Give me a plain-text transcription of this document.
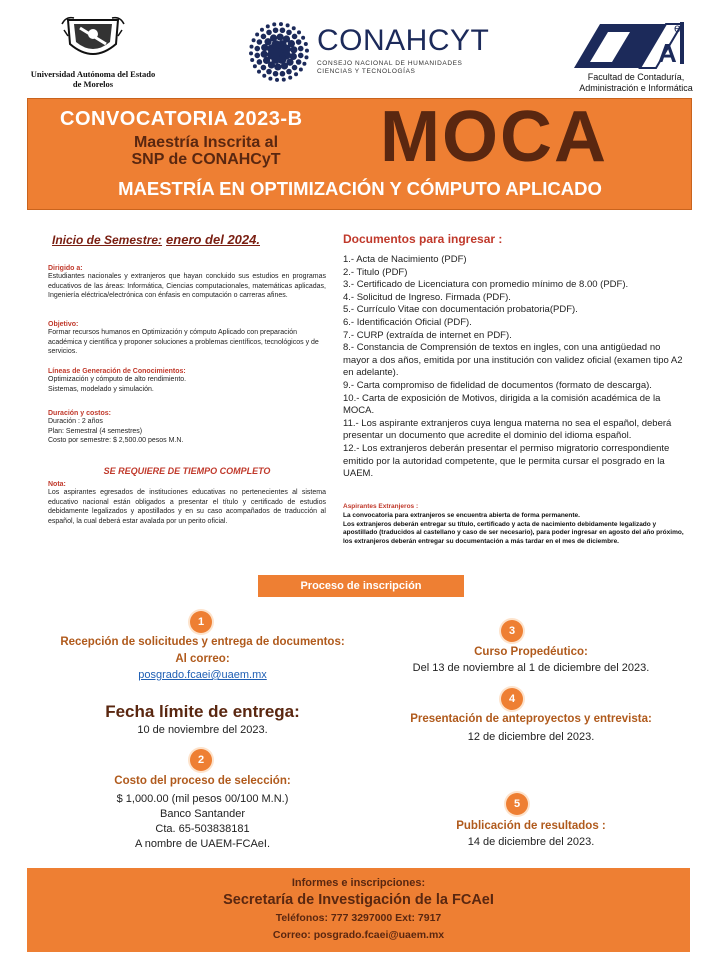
Universidad Autónoma del Estado de Morelos
CONAHCYT
CONSEJO NACIONAL DE HUMANIDADES CIENCIAS Y TECNOLOGÍAS
A
e
Facultad de Contaduría, Administración e Informática
CONVOCATORIA 2023-B
Maestría Inscrita al SNP de CONAHCyT MOCA
MAESTRÍA EN OPTIMIZACIÓN Y CÓMPUTO APLICADO
Inicio de Semestre: enero del 2024.
Dirigido a:
Estudiantes nacionales y extranjeros que hayan concluido sus estudios en programas educativos de las áreas: Informática, Ciencias computacionales, matemáticas aplicadas, Ingeniería eléctrica/electrónica con énfasis en computación o carreras afines.
Objetivo:
Formar recursos humanos en Optimización y cómputo Aplicado con preparación académica y científica y proponer soluciones a problemas científicos, tecnológicos y de servicios.
Líneas de Generación de Conocimientos:
Optimización y cómputo de alto rendimiento.
Sistemas, modelado y simulación.
Duración y costos:
Duración : 2 años
Plan: Semestral (4 semestres)
Costo por semestre: $ 2,500.00 pesos M.N.
SE REQUIERE DE TIEMPO COMPLETO
Nota:
Los aspirantes egresados de instituciones educativas no pertenecientes al sistema educativo nacional están obligados a presentar el título y certificado de estudios debidamente legalizados y apostillados y en su caso acompañados de traducción al español, la cual deberá estar avalada por un perito oficial.
Documentos para ingresar :
1.- Acta de Nacimiento (PDF)
2.- Titulo (PDF)
3.- Certificado de Licenciatura con promedio mínimo de 8.00 (PDF).
4.- Solicitud de Ingreso. Firmada (PDF).
5.- Currículo Vitae con documentación probatoria(PDF).
6.- Identificación Oficial (PDF).
7.- CURP (extraída de internet en PDF).
8.- Constancia de Comprensión de textos en ingles, con una antigüedad no mayor a dos años, emitida por una institución con validez oficial (examen tipo A2 en adelante).
9.- Carta compromiso de fidelidad de documentos (formato de descarga).
10.- Carta de exposición de Motivos, dirigida a la comisión académica de la MOCA.
11.- Los aspirante extranjeros cuya lengua materna no sea el español, deberá presentar un documento que acredite el dominio del idioma español.
12.- Los extranjeros deberán presentar el permiso migratorio correspondiente emitido por la autoridad competente, que le permita cursar el posgrado en la UAEM.
Aspirantes Extranjeros :
La convocatoria para extranjeros se encuentra abierta de forma permanente.
Los extranjeros deberán entregar su título, certificado y acta de nacimiento debidamente legalizado y apostillado (traducidos al castellano y caso de ser necesario), para poder ingresar en agosto del año próximo, los extranjeros deberán entregar su documentación a más tardar en el mes de diciembre.
Proceso de inscripción
1
Recepción de solicitudes y entrega de documentos:
Al correo:
posgrado.fcaei@uaem.mx
Fecha límite de entrega:
10 de noviembre del 2023.
2
Costo del proceso de selección:
$ 1,000.00 (mil pesos 00/100 M.N.)
Banco Santander
Cta. 65-503838181
A nombre de UAEM-FCAeI.
3
Curso Propedéutico:
Del 13 de noviembre al 1 de diciembre del 2023.
4
Presentación de anteproyectos y entrevista:
12 de diciembre del 2023.
5
Publicación de resultados :
14 de diciembre del 2023.
Informes e inscripciones:
Secretaría de Investigación de la FCAeI
Teléfonos: 777 3297000 Ext: 7917
Correo: posgrado.fcaei@uaem.mx
